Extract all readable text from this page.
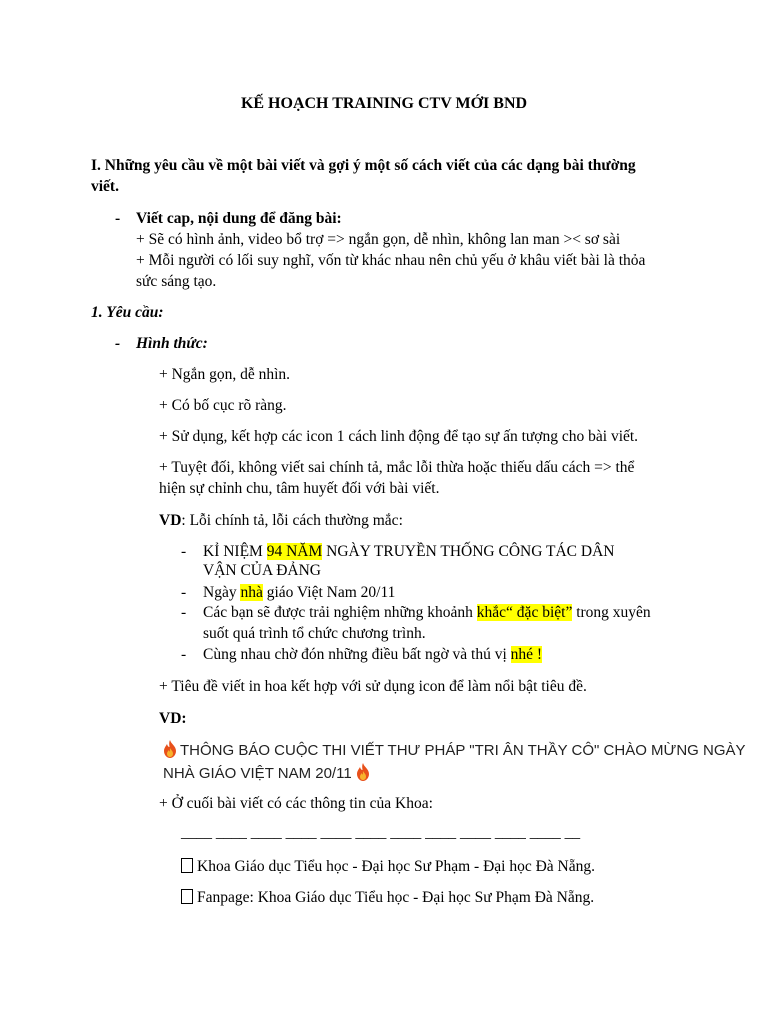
KẾ HOẠCH TRAINING CTV MỚI BND
I. Những yêu cầu về một bài viết và gợi ý một số cách viết của các dạng bài thường
viết.
- Viết cap, nội dung để đăng bài:
+ Sẽ có hình ảnh, video bổ trợ => ngắn gọn, dễ nhìn, không lan man >< sơ sài
+ Mỗi người có lối suy nghĩ, vốn từ khác nhau nên chủ yếu ở khâu viết bài là thỏa
sức sáng tạo.
1. Yêu cầu:
- Hình thức:
+ Ngắn gọn, dễ nhìn.
+ Có bố cục rõ ràng.
+ Sử dụng, kết hợp các icon 1 cách linh động để tạo sự ấn tượng cho bài viết.
+ Tuyệt đối, không viết sai chính tả, mắc lỗi thừa hoặc thiếu dấu cách => thể
hiện sự chỉnh chu, tâm huyết đối với bài viết.
VD: Lỗi chính tả, lỗi cách thường mắc:
- KỈ NIỆM 94 NĂM NGÀY TRUYỀN THỐNG CÔNG TÁC DÂN
VẬN CỦA ĐẢNG
- Ngày nhà giáo Việt Nam 20/11
- Các bạn sẽ được trải nghiệm những khoảnh khắc“ đặc biệt” trong xuyên
suốt quá trình tổ chức chương trình.
- Cùng nhau chờ đón những điều bất ngờ và thú vị nhé !
+ Tiêu đề viết in hoa kết hợp với sử dụng icon để làm nổi bật tiêu đề.
VD:
THÔNG BÁO CUỘC THI VIẾT THƯ PHÁP "TRI ÂN THẦY CÔ" CHÀO MỪNG NGÀY
NHÀ GIÁO VIỆT NAM 20/11
+ Ở cuối bài viết có các thông tin của Khoa:
____ ____ ____ ____ ____ ____ ____ ____ ____ ____ ____ __
Khoa Giáo dục Tiểu học - Đại học Sư Phạm - Đại học Đà Nẵng.
Fanpage: Khoa Giáo dục Tiểu học - Đại học Sư Phạm Đà Nẵng.
